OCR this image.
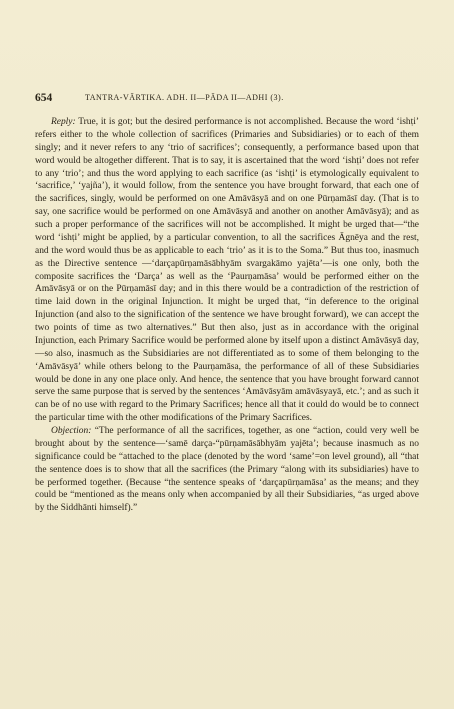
654	TANTRA-VĀRTIKA. ADH. II—PĀDA II—ADHI (3).

Reply: True, it is got; but the desired performance is not accomplished. Because the word ‘ishṭi’ refers either to the whole collection of sacrifices (Primaries and Subsidiaries) or to each of them singly; and it never refers to any ‘trio of sacrifices’; consequently, a performance based upon that word would be altogether different. That is to say, it is ascertained that the word ‘ishṭi’ does not refer to any ‘trio’; and thus the word applying to each sacrifice (as ‘ishṭi’ is etymologically equivalent to ‘sacrifice,’ ‘yajña’), it would follow, from the sentence you have brought forward, that each one of the sacrifices, singly, would be performed on one Amāvāsyā and on one Pūrṇamāsī day. (That is to say, one sacrifice would be performed on one Amāvāsyā and another on another Amāvāsyā); and as such a proper performance of the sacrifices will not be accomplished. It might be urged that—“the word ‘ishṭi’ might be applied, by a particular convention, to all the sacrifices Āgnēya and the rest, and the word would thus be as applicable to each ‘trio’ as it is to the Soma.” But thus too, inasmuch as the Directive sentence —‘darçapūrṇamāsābhyām svargakāmo yajēta’—is one only, both the composite sacrifices the ‘Darça’ as well as the ‘Paurṇamāsa’ would be performed either on the Amāvāsyā or on the Pūrṇamāsī day; and in this there would be a contradiction of the restriction of time laid down in the original Injunction. It might be urged that, “in deference to the original Injunction (and also to the signification of the sentence we have brought forward), we can accept the two points of time as two alternatives.” But then also, just as in accordance with the original Injunction, each Primary Sacrifice would be performed alone by itself upon a distinct Amāvāsyā day,—so also, inasmuch as the Subsidiaries are not differentiated as to some of them belonging to the ‘Amāvāsyā’ while others belong to the Paurṇamāsa, the performance of all of these Subsidiaries would be done in any one place only. And hence, the sentence that you have brought forward cannot serve the same purpose that is served by the sentences ‘Amāvāsyām amāvāsyayā, etc.’; and as such it can be of no use with regard to the Primary Sacrifices; hence all that it could do would be to connect the particular time with the other modifications of the Primary Sacrifices.

Objection: “The performance of all the sacrifices, together, as one “action, could very well be brought about by the sentence—‘samē darça-“pūrṇamāsābhyām yajēta’; because inasmuch as no significance could be “attached to the place (denoted by the word ‘same’=on level ground), all “that the sentence does is to show that all the sacrifices (the Primary “along with its subsidiaries) have to be performed together. (Because “the sentence speaks of ‘darçapūrṇamāsa’ as the means; and they could be “mentioned as the means only when accompanied by all their Subsidiaries, “as urged above by the Siddhānti himself).”
